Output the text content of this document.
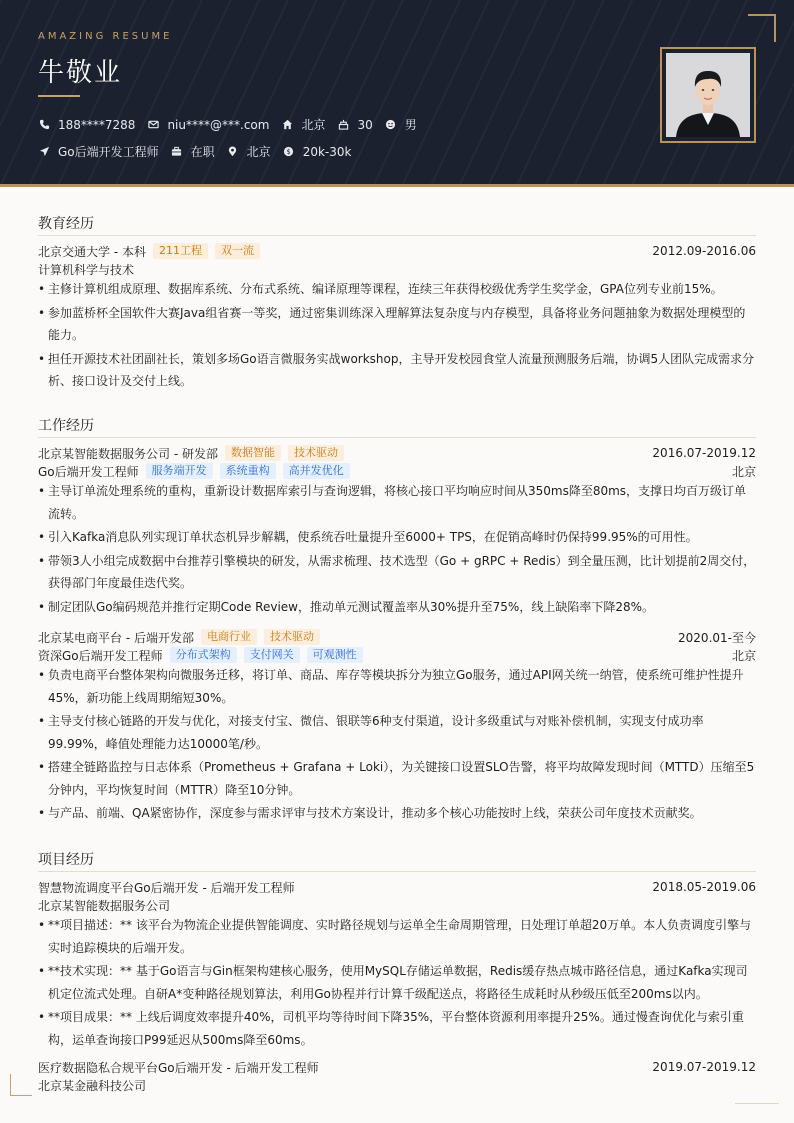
AMAZING RESUME
牛敬业
188****7288	niu****@***.com	北京	30	男
Go后端开发工程师	在职	北京 $ 20k-30k
教育经历
北京交通大学 - 本科	211工程	双一流	2012.09-2016.06
计算机科学与技术
• 主修计算机组成原理、数据库系统、分布式系统、编译原理等课程，连续三年获得校级优秀学生奖学金，GPA位列专业前15%。
• 参加蓝桥杯全国软件大赛Java组省赛一等奖，通过密集训练深入理解算法复杂度与内存模型，具备将业务问题抽象为数据处理模型的能力。
• 担任开源技术社团副社长，策划多场Go语言微服务实战workshop，主导开发校园食堂人流量预测服务后端，协调5人团队完成需求分析、接口设计及交付上线。
工作经历
北京某智能数据服务公司 - 研发部	数据智能	技术驱动	2016.07-2019.12
Go后端开发工程师	服务端开发	系统重构	高并发优化	北京
• 主导订单流处理系统的重构，重新设计数据库索引与查询逻辑，将核心接口平均响应时间从350ms降至80ms，支撑日均百万级订单流转。
• 引入Kafka消息队列实现订单状态机异步解耦，使系统吞吐量提升至6000+ TPS，在促销高峰时仍保持99.95%的可用性。
• 带领3人小组完成数据中台推荐引擎模块的研发，从需求梳理、技术选型（Go + gRPC + Redis）到全量压测，比计划提前2周交付，获得部门年度最佳迭代奖。
• 制定团队Go编码规范并推行定期Code Review，推动单元测试覆盖率从30%提升至75%，线上缺陷率下降28%。
北京某电商平台 - 后端开发部	电商行业	技术驱动	2020.01-至今
资深Go后端开发工程师	分布式架构	支付网关	可观测性	北京
• 负责电商平台整体架构向微服务迁移，将订单、商品、库存等模块拆分为独立Go服务，通过API网关统一纳管，使系统可维护性提升45%，新功能上线周期缩短30%。
• 主导支付核心链路的开发与优化，对接支付宝、微信、银联等6种支付渠道，设计多级重试与对账补偿机制，实现支付成功率99.99%，峰值处理能力达10000笔/秒。
• 搭建全链路监控与日志体系（Prometheus + Grafana + Loki），为关键接口设置SLO告警，将平均故障发现时间（MTTD）压缩至5分钟内，平均恢复时间（MTTR）降至10分钟。
• 与产品、前端、QA紧密协作，深度参与需求评审与技术方案设计，推动多个核心功能按时上线，荣获公司年度技术贡献奖。
项目经历
智慧物流调度平台Go后端开发 - 后端开发工程师	2018.05-2019.06
北京某智能数据服务公司
• **项目描述：** 该平台为物流企业提供智能调度、实时路径规划与运单全生命周期管理，日处理订单超20万单。本人负责调度引擎与实时追踪模块的后端开发。
• **技术实现：** 基于Go语言与Gin框架构建核心服务，使用MySQL存储运单数据，Redis缓存热点城市路径信息，通过Kafka实现司机定位流式处理。自研A*变种路径规划算法，利用Go协程并行计算千级配送点，将路径生成耗时从秒级压低至200ms以内。
• **项目成果：** 上线后调度效率提升40%，司机平均等待时间下降35%，平台整体资源利用率提升25%。通过慢查询优化与索引重构，运单查询接口P99延迟从500ms降至60ms。
医疗数据隐私合规平台Go后端开发 - 后端开发工程师	2019.07-2019.12
北京某金融科技公司
